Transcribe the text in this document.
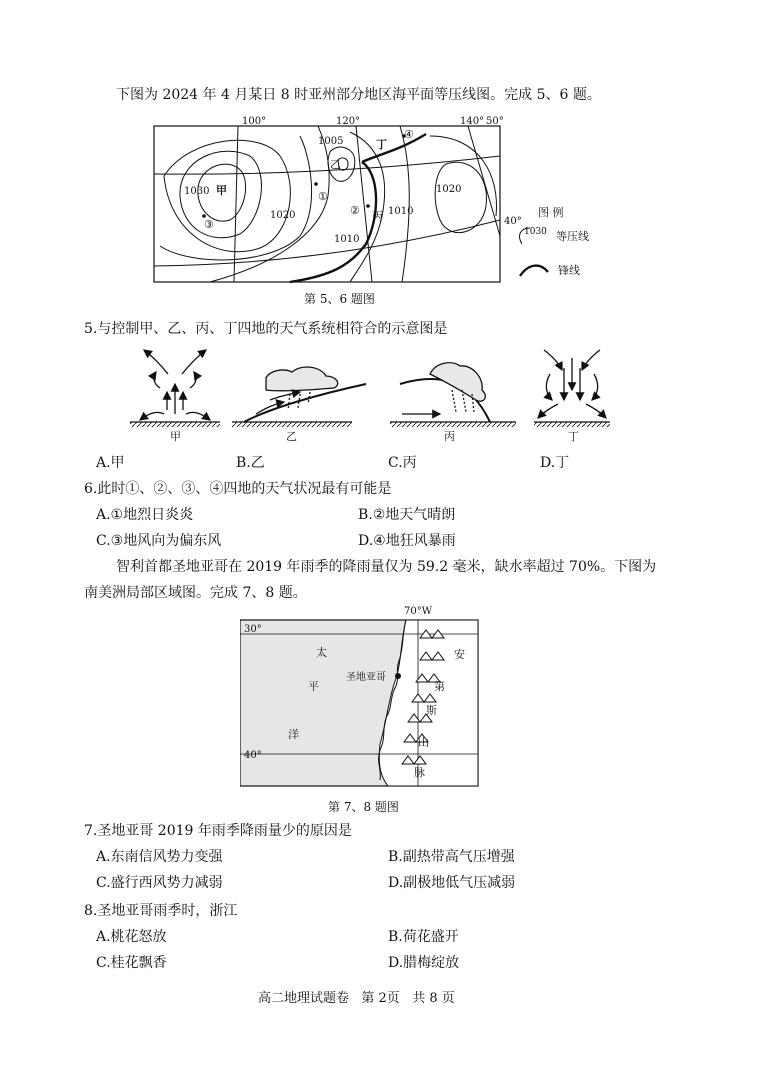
下图为 2024 年 4 月某日 8 时亚州部分地区海平面等压线图。完成 5、6 题。
100°	120°	140° 50°
40°
1030
1005
1020	1010
1010
1020
甲
乙
丁
丙
①
②
③
④
图 例
1030 等压线
锋线
第 5、6 题图
5.与控制甲、乙、丙、丁四地的天气系统相符合的示意图是
甲	乙	丙	丁
A.甲	B.乙	C.丙	D.丁
6.此时①、②、③、④四地的天气状况最有可能是
A.①地烈日炎炎	B.②地天气晴朗
C.③地风向为偏东风	D.④地狂风暴雨
智利首都圣地亚哥在 2019 年雨季的降雨量仅为 59.2 毫米，缺水率超过 70%。下图为
南美洲局部区域图。完成 7、8 题。
70°W
30°
40°
太
平
洋
圣地亚哥
安
第
斯
山
脉
第 7、8 题图
7.圣地亚哥 2019 年雨季降雨量少的原因是
A.东南信风势力变强	B.副热带高气压增强
C.盛行西风势力减弱	D.副极地低气压减弱
8.圣地亚哥雨季时，浙江
A.桃花怒放	B.荷花盛开
C.桂花飘香	D.腊梅绽放
高二地理试题卷   第 2页   共 8 页
